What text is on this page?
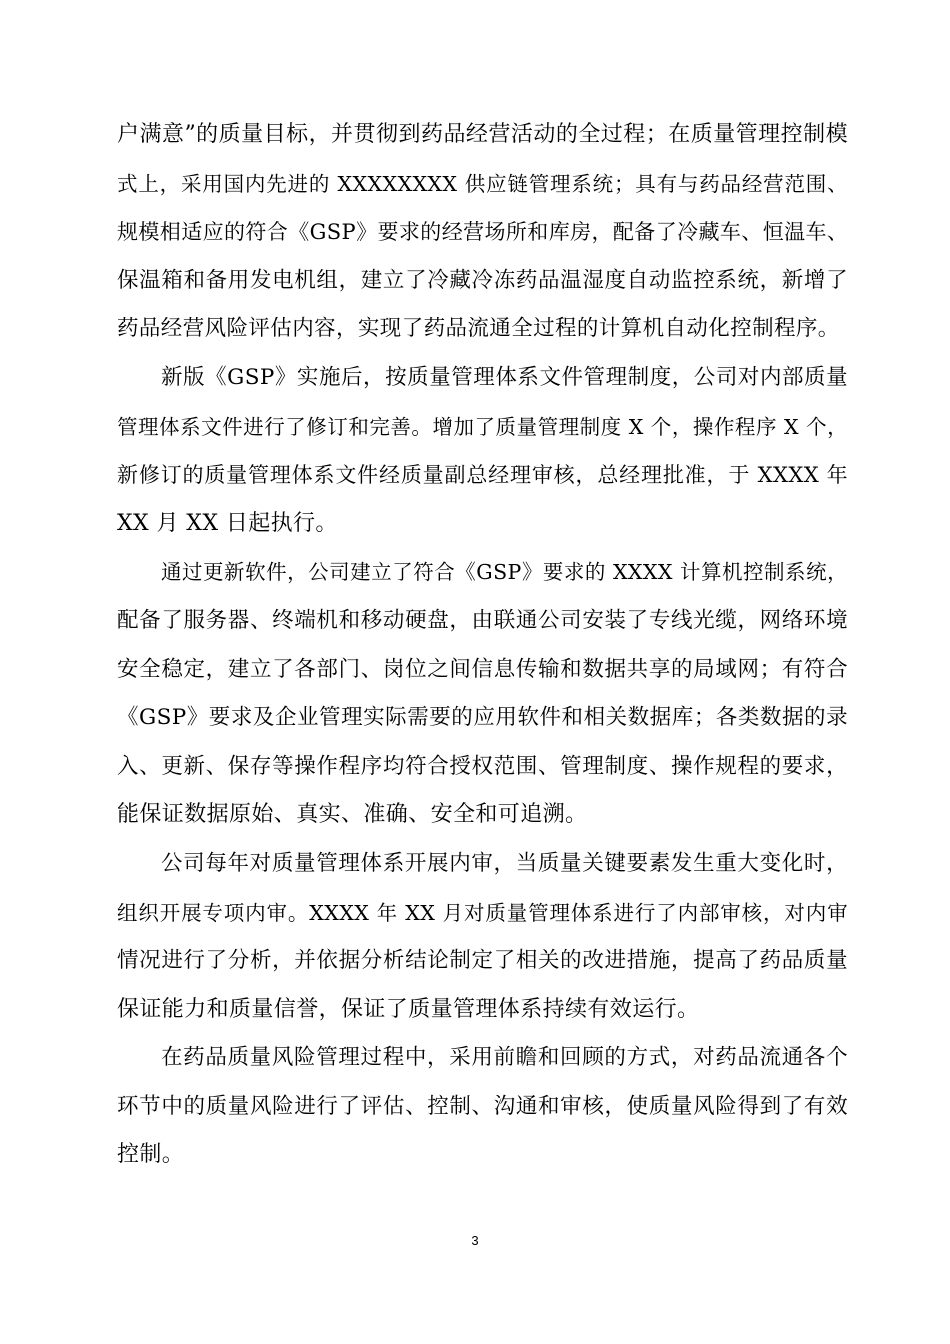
户满意”的质量目标，并贯彻到药品经营活动的全过程；在质量管理控制模
式上，采用国内先进的 XXXXXXXX 供应链管理系统；具有与药品经营范围、
规模相适应的符合《GSP》要求的经营场所和库房，配备了冷藏车、恒温车、
保温箱和备用发电机组，建立了冷藏冷冻药品温湿度自动监控系统，新增了
药品经营风险评估内容，实现了药品流通全过程的计算机自动化控制程序。
新版《GSP》实施后，按质量管理体系文件管理制度，公司对内部质量
管理体系文件进行了修订和完善。增加了质量管理制度 X 个，操作程序 X 个，
新修订的质量管理体系文件经质量副总经理审核，总经理批准，于 XXXX 年
XX 月 XX 日起执行。
通过更新软件，公司建立了符合《GSP》要求的 XXXX 计算机控制系统，
配备了服务器、终端机和移动硬盘，由联通公司安装了专线光缆，网络环境
安全稳定，建立了各部门、岗位之间信息传输和数据共享的局域网；有符合
《GSP》要求及企业管理实际需要的应用软件和相关数据库；各类数据的录
入、更新、保存等操作程序均符合授权范围、管理制度、操作规程的要求，
能保证数据原始、真实、准确、安全和可追溯。
公司每年对质量管理体系开展内审，当质量关键要素发生重大变化时，
组织开展专项内审。XXXX 年 XX 月对质量管理体系进行了内部审核，对内审
情况进行了分析，并依据分析结论制定了相关的改进措施，提高了药品质量
保证能力和质量信誉，保证了质量管理体系持续有效运行。
在药品质量风险管理过程中，采用前瞻和回顾的方式，对药品流通各个
环节中的质量风险进行了评估、控制、沟通和审核，使质量风险得到了有效
控制。
3
